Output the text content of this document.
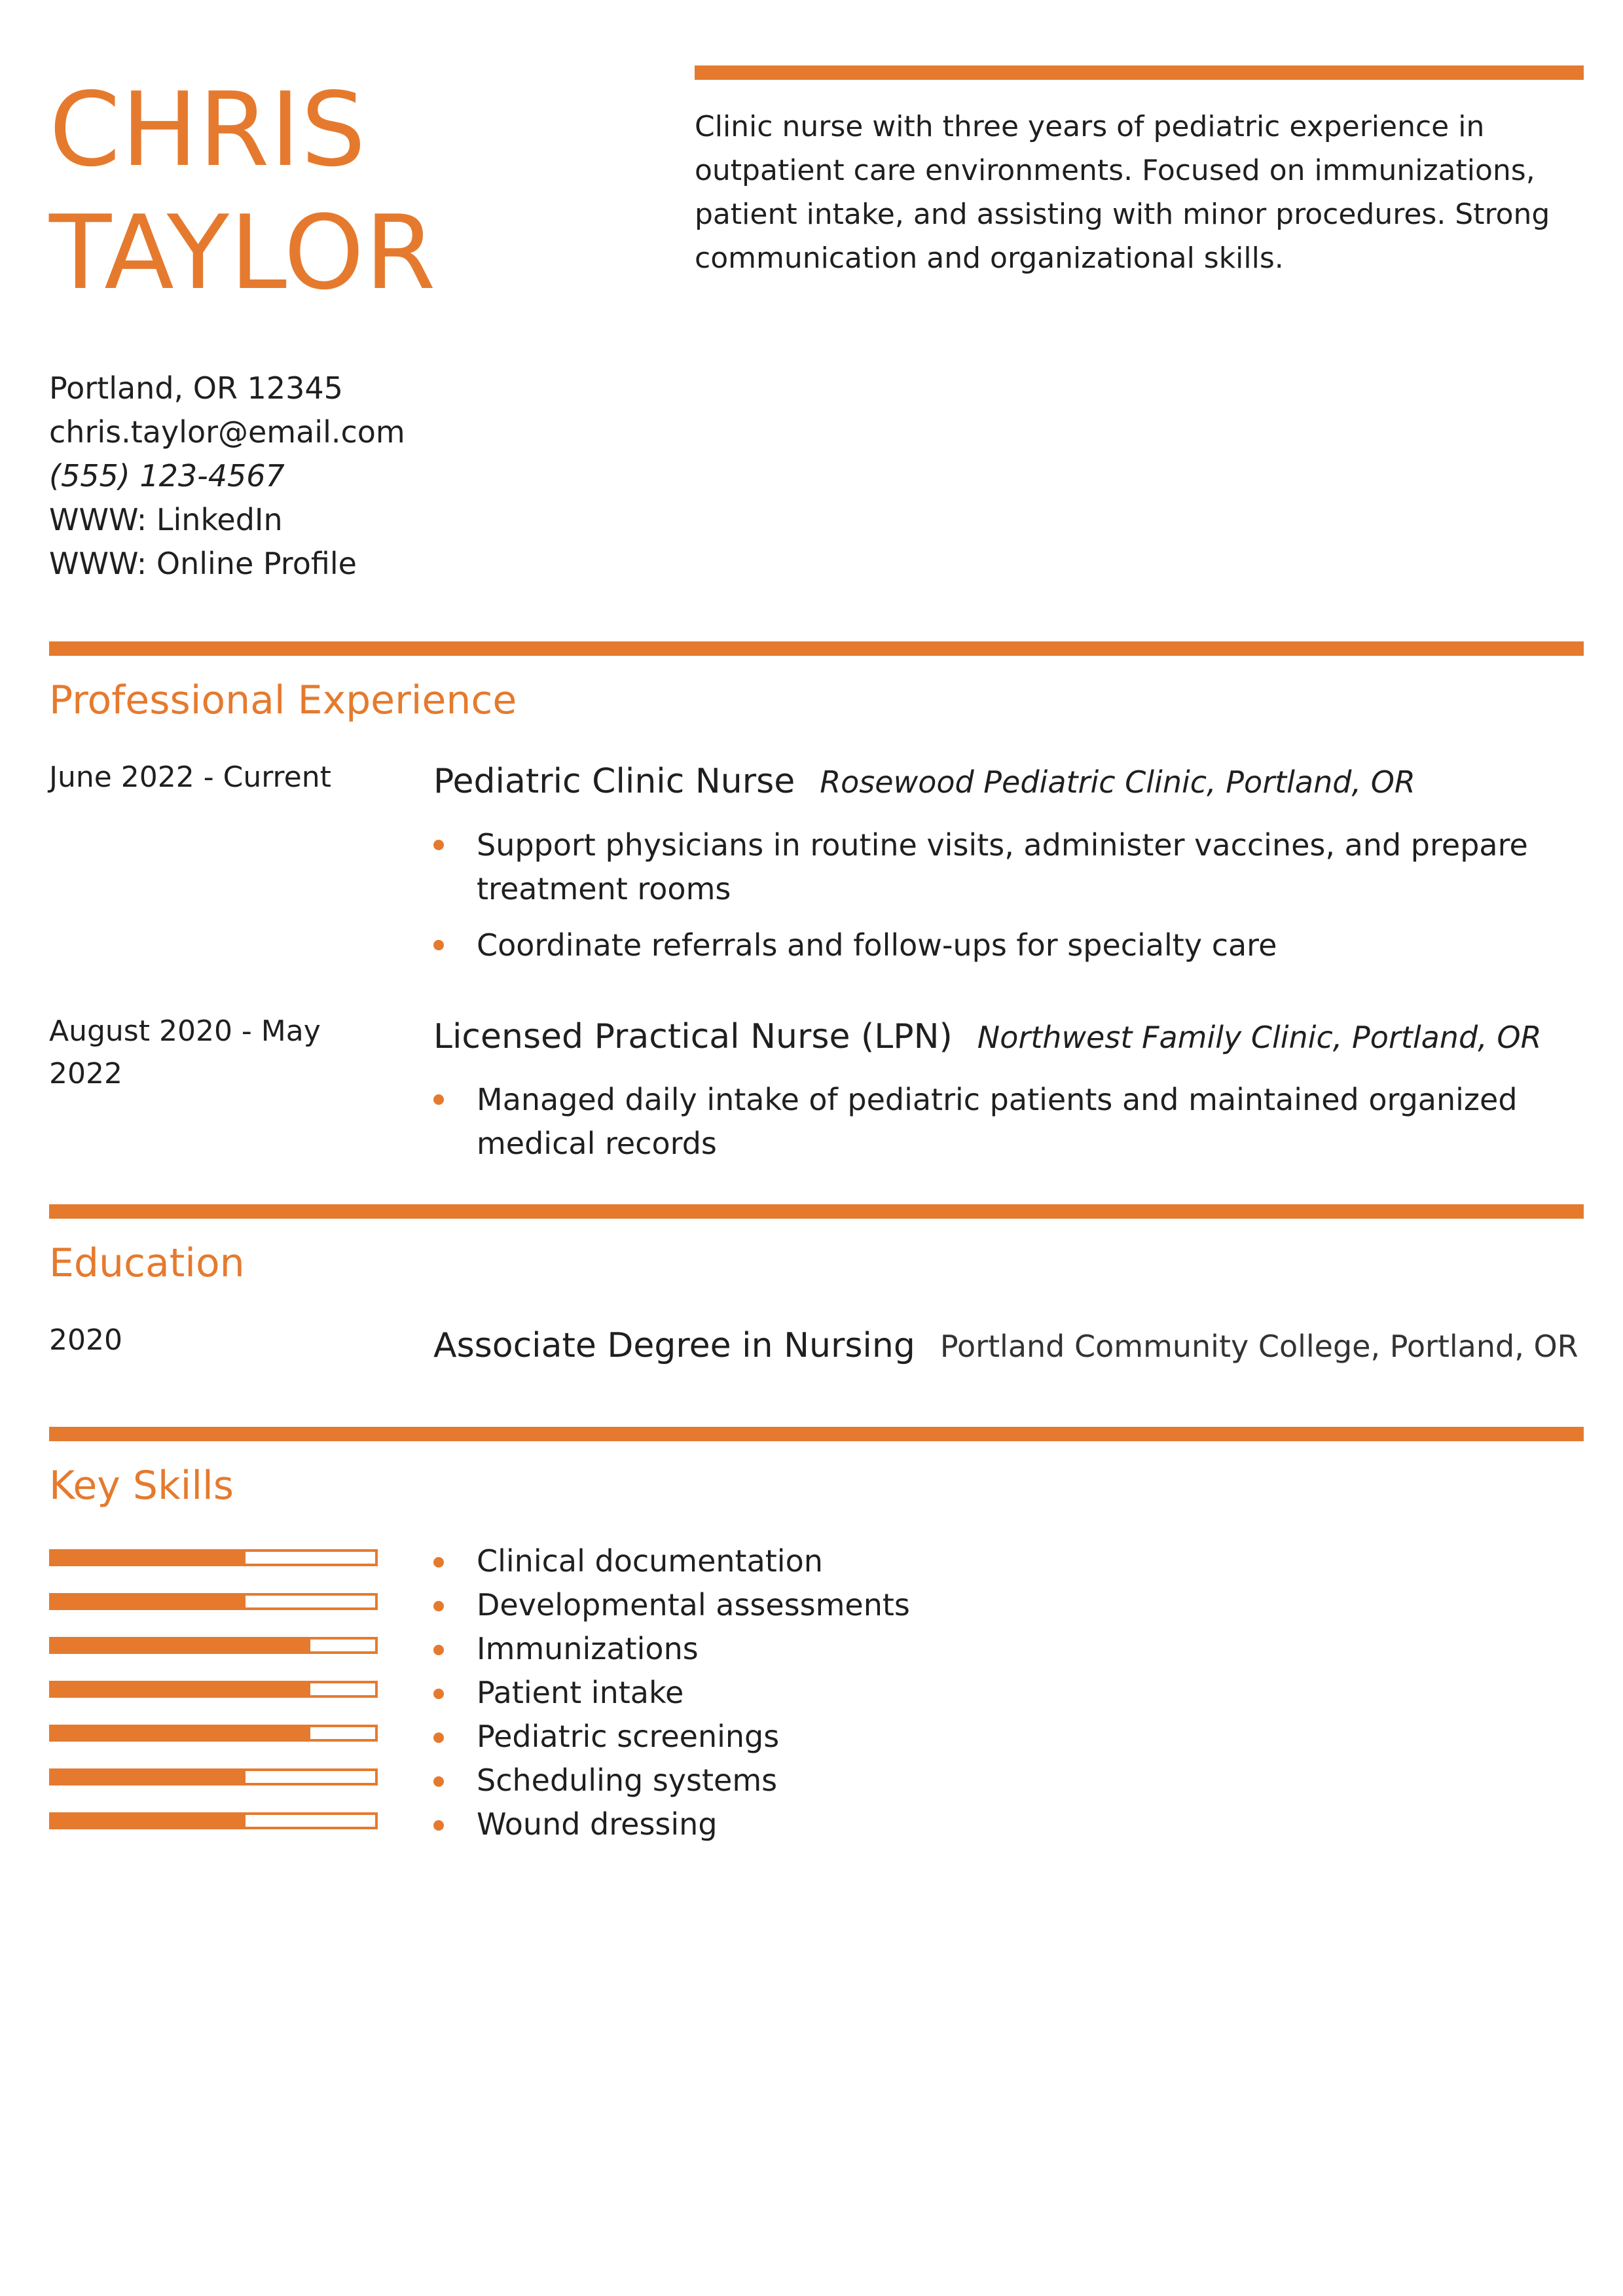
CHRIS
TAYLOR
Clinic nurse with three years of pediatric experience in outpatient care environments. Focused on immunizations, patient intake, and assisting with minor procedures. Strong communication and organizational skills.
Portland, OR 12345
chris.taylor@email.com
(555) 123-4567
WWW: LinkedIn
WWW: Online Profile
Professional Experience
June 2022 - Current	Pediatric Clinic Nurse Rosewood Pediatric Clinic, Portland, OR
Support physicians in routine visits, administer vaccines, and prepare treatment rooms
Coordinate referrals and follow-ups for specialty care
August 2020 - May 2022
Licensed Practical Nurse (LPN) Northwest Family Clinic, Portland, OR
Managed daily intake of pediatric patients and maintained organized medical records
Education
2020	Associate Degree in Nursing Portland Community College, Portland, OR
Key Skills
Clinical documentation
Developmental assessments
Immunizations
Patient intake
Pediatric screenings
Scheduling systems
Wound dressing
